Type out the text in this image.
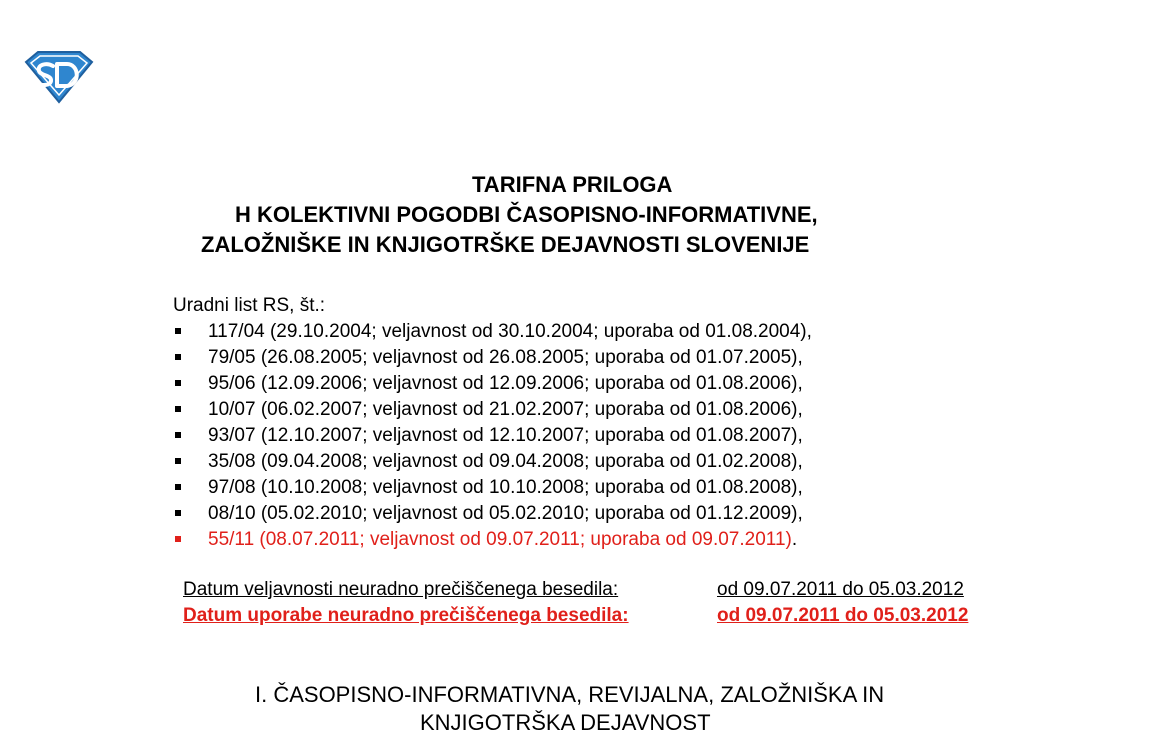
TARIFNA PRILOGA
H KOLEKTIVNI POGODBI ČASOPISNO-INFORMATIVNE,
ZALOŽNIŠKE IN KNJIGOTRŠKE DEJAVNOSTI SLOVENIJE
Uradni list RS, št.:
117/04 (29.10.2004; veljavnost od 30.10.2004; uporaba od 01.08.2004),
79/05 (26.08.2005; veljavnost od 26.08.2005; uporaba od 01.07.2005),
95/06 (12.09.2006; veljavnost od 12.09.2006; uporaba od 01.08.2006),
10/07 (06.02.2007; veljavnost od 21.02.2007; uporaba od 01.08.2006),
93/07 (12.10.2007; veljavnost od 12.10.2007; uporaba od 01.08.2007),
35/08 (09.04.2008; veljavnost od 09.04.2008; uporaba od 01.02.2008),
97/08 (10.10.2008; veljavnost od 10.10.2008; uporaba od 01.08.2008),
08/10 (05.02.2010; veljavnost od 05.02.2010; uporaba od 01.12.2009),
55/11 (08.07.2011; veljavnost od 09.07.2011; uporaba od 09.07.2011).
Datum veljavnosti neuradno prečiščenega besedila:	od 09.07.2011 do 05.03.2012
Datum uporabe neuradno prečiščenega besedila:	od 09.07.2011 do 05.03.2012
I. ČASOPISNO-INFORMATIVNA, REVIJALNA, ZALOŽNIŠKA IN
KNJIGOTRŠKA DEJAVNOST
